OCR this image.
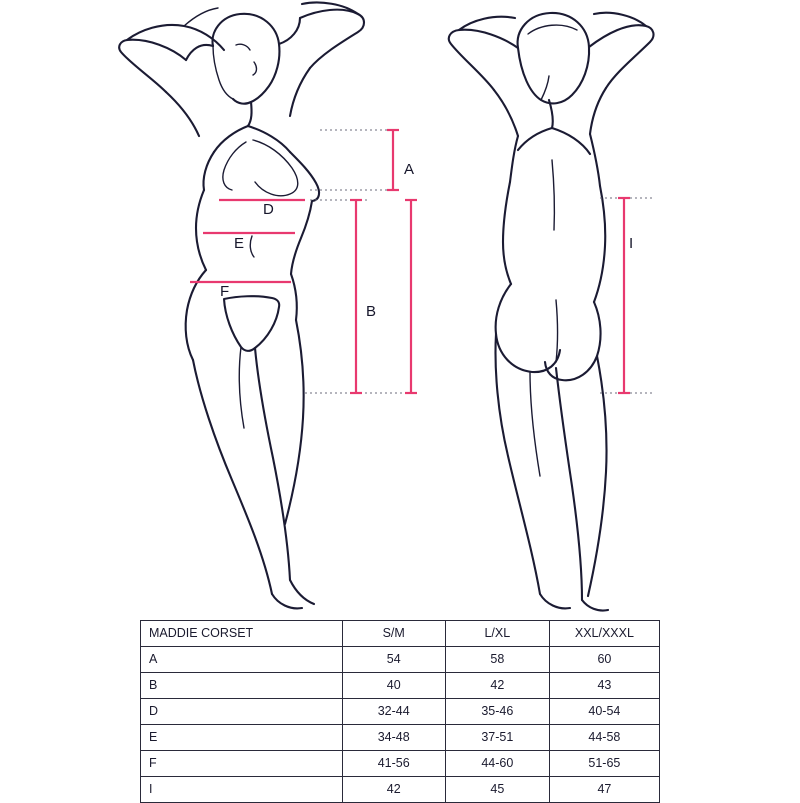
A
D
E
F
B
I
MADDIE CORSET	S/M	L/XL	XXL/XXXL
A	54	58	60
B	40	42	43
D	32-44	35-46	40-54
E	34-48	37-51	44-58
F	41-56	44-60	51-65
I	42	45	47
